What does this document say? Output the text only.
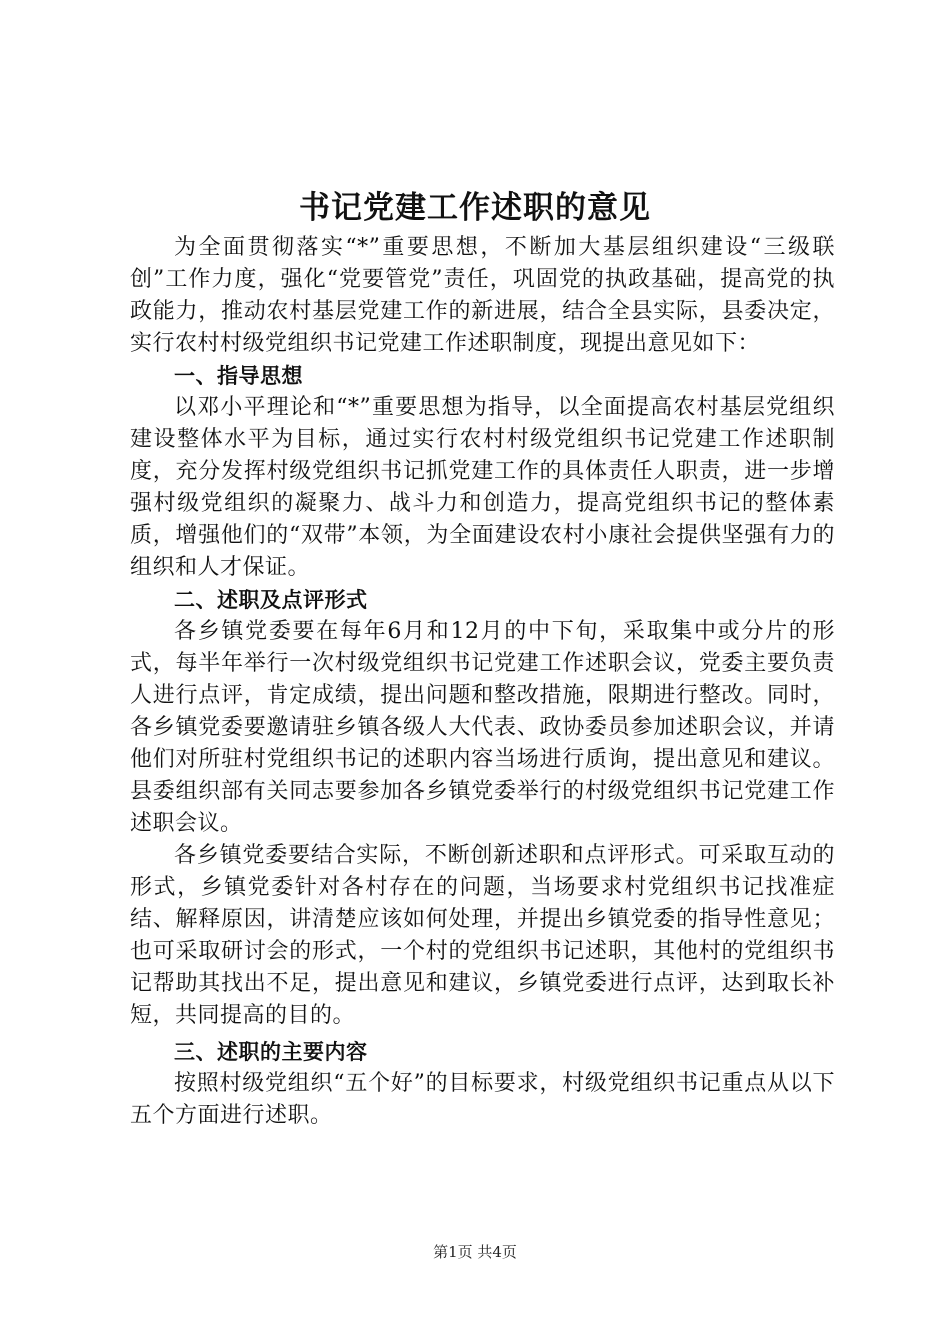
书记党建工作述职的意见

为全面贯彻落实“*”重要思想，不断加大基层组织建设“三级联创”工作力度，强化“党要管党”责任，巩固党的执政基础，提高党的执政能力，推动农村基层党建工作的新进展，结合全县实际，县委决定，实行农村村级党组织书记党建工作述职制度，现提出意见如下：

一、指导思想

以邓小平理论和“*”重要思想为指导，以全面提高农村基层党组织建设整体水平为目标，通过实行农村村级党组织书记党建工作述职制度，充分发挥村级党组织书记抓党建工作的具体责任人职责，进一步增强村级党组织的凝聚力、战斗力和创造力，提高党组织书记的整体素质，增强他们的“双带”本领，为全面建设农村小康社会提供坚强有力的组织和人才保证。

二、述职及点评形式

各乡镇党委要在每年6月和12月的中下旬，采取集中或分片的形式，每半年举行一次村级党组织书记党建工作述职会议，党委主要负责人进行点评，肯定成绩，提出问题和整改措施，限期进行整改。同时，各乡镇党委要邀请驻乡镇各级人大代表、政协委员参加述职会议，并请他们对所驻村党组织书记的述职内容当场进行质询，提出意见和建议。县委组织部有关同志要参加各乡镇党委举行的村级党组织书记党建工作述职会议。

各乡镇党委要结合实际，不断创新述职和点评形式。可采取互动的形式，乡镇党委针对各村存在的问题，当场要求村党组织书记找准症结、解释原因，讲清楚应该如何处理，并提出乡镇党委的指导性意见；也可采取研讨会的形式，一个村的党组织书记述职，其他村的党组织书记帮助其找出不足，提出意见和建议，乡镇党委进行点评，达到取长补短，共同提高的目的。

三、述职的主要内容

按照村级党组织“五个好”的目标要求，村级党组织书记重点从以下五个方面进行述职。

第1页 共4页
